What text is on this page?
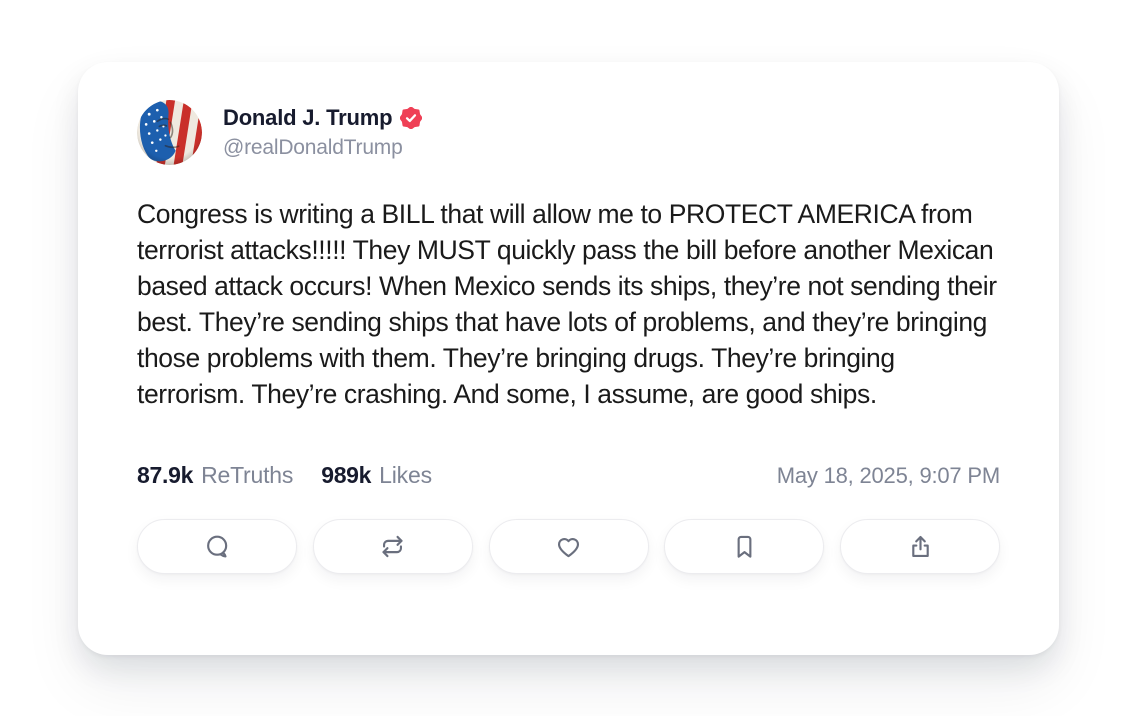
Donald J. Trump
@realDonaldTrump

Congress is writing a BILL that will allow me to PROTECT AMERICA from terrorist attacks!!!!! They MUST quickly pass the bill before another Mexican based attack occurs! When Mexico sends its ships, they’re not sending their best. They’re sending ships that have lots of problems, and they’re bringing those problems with them. They’re bringing drugs. They’re bringing terrorism. They’re crashing. And some, I assume, are good ships.

87.9k ReTruths 989k Likes	May 18, 2025, 9:07 PM
